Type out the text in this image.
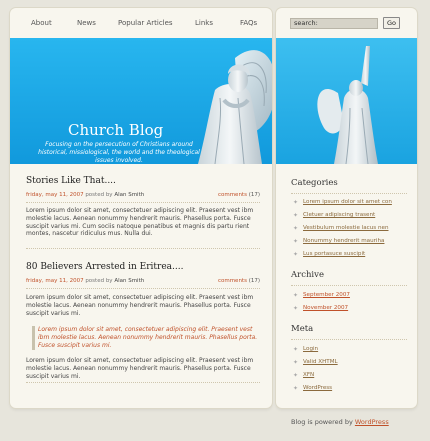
About	News	Popular Articles	Links	FAQs	search:	Go
Church Blog
Focusing on the persecution of Christians around historical, missiological, the world and the theological issues involved.
Stories Like That....
friday, may 11, 2007 posted by Alan Smith	comments (17)
Lorem ipsum dolor sit amet, consectetuer adipiscing elit. Praesent vest ibm molestie lacus. Aenean nonummy hendrerit mauris. Phasellus porta. Fusce suscipit varius mi. Cum sociis natoque penatibus et magnis dis partu rient montes, nascetur ridiculus mus. Nulla dui.
80 Believers Arrested in Eritrea....
friday, may 11, 2007 posted by Alan Smith	comments (17)
Lorem ipsum dolor sit amet, consectetuer adipiscing elit. Praesent vest ibm molestie lacus. Aenean nonummy hendrerit mauris. Phasellus porta. Fusce suscipit varius mi.
Lorem ipsum dolor sit amet, consectetuer adipiscing elit. Praesent vest ibm molestie lacus. Aenean nonummy hendrerit mauris. Phasellus porta. Fusce suscipit varius mi.
Lorem ipsum dolor sit amet, consectetuer adipiscing elit. Praesent vest ibm molestie lacus. Aenean nonummy hendrerit mauris. Phasellus porta. Fusce suscipit varius mi.
Categories
✦ Lorem ipsum dolor sit amet con
✦ Cletuer adipiscing trasent
✦ Vestibulum molestie lacus nen
✦ Nonummy hendrerit mauriha
✦ Lus portasuce suscipit
Archive
✦ September 2007
✦ November 2007
Meta
✦ Login
✦ Valid XHTML
✦ XFN
✦ WordPress
Blog is powered by WordPress
